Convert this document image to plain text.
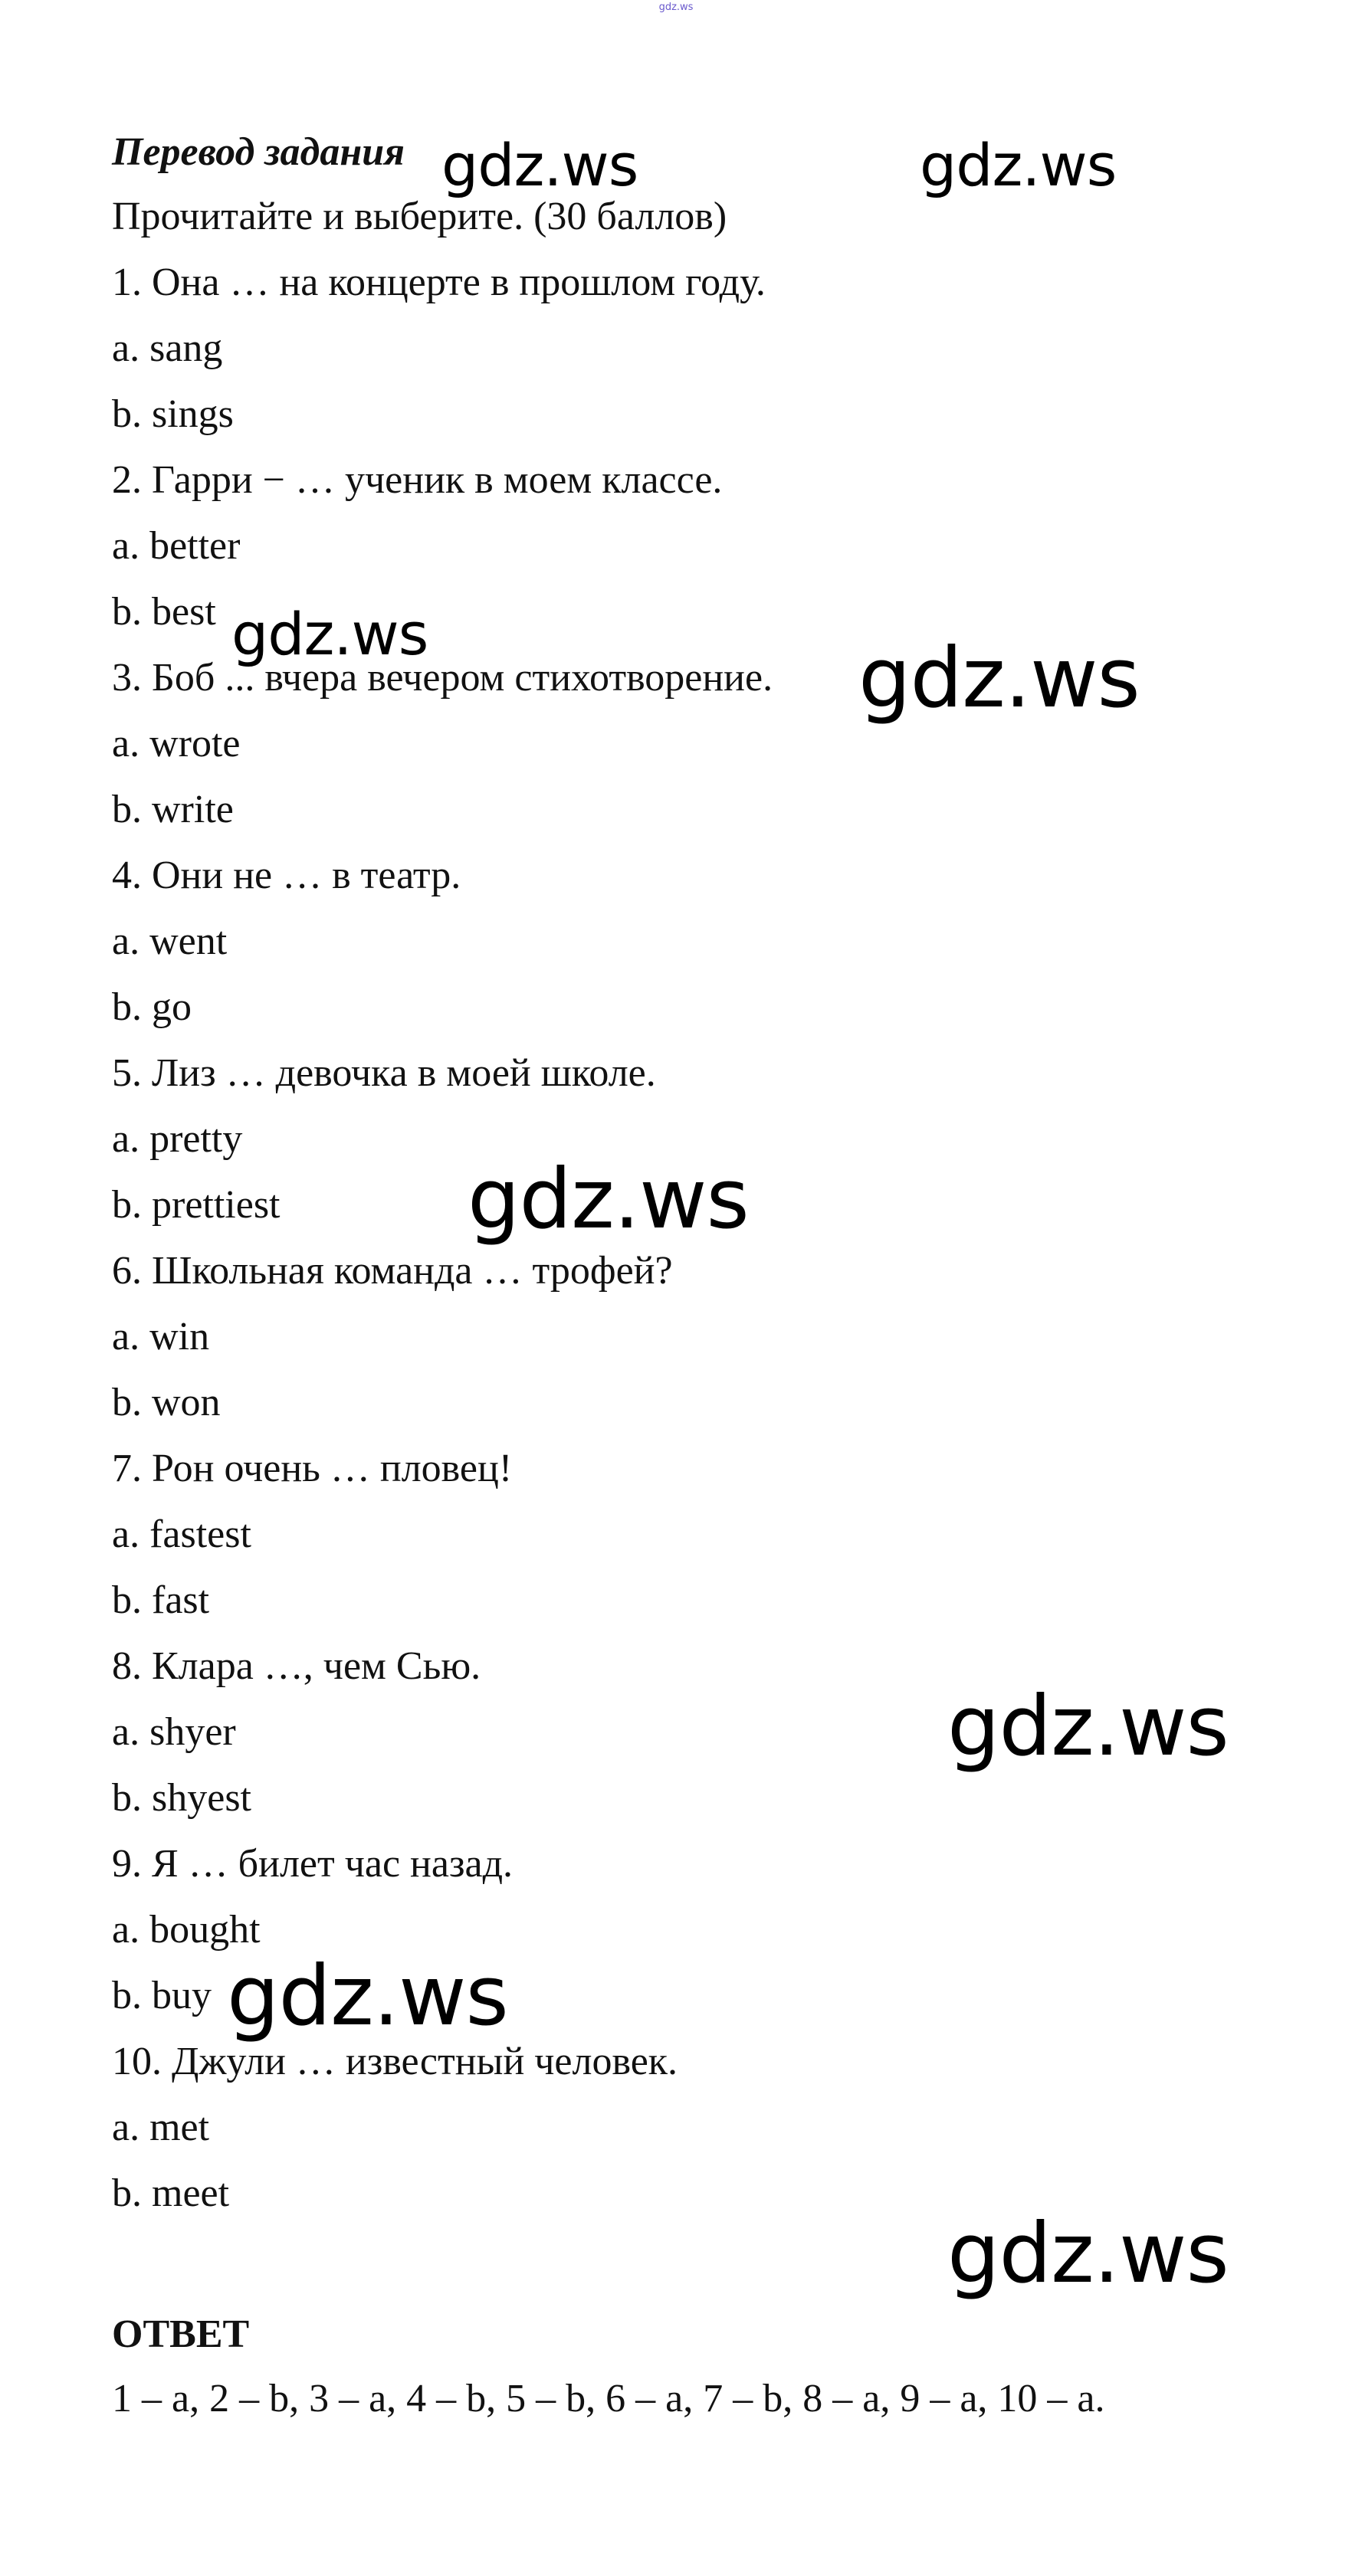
gdz.ws
Перевод задания
Прочитайте и выберите. (30 баллов)
1. Она … на концерте в прошлом году.
a. sang
b. sings
2. Гарри − … ученик в моем классе.
a. better
b. best
3. Боб ... вчера вечером стихотворение.
a. wrote
b. write
4. Они не … в театр.
a. went
b. go
5. Лиз … девочка в моей школе.
a. pretty
b. prettiest
6. Школьная команда … трофей?
a. win
b. won
7. Рон очень … пловец!
a. fastest
b. fast
8. Клара …, чем Сью.
a. shyer
b. shyest
9. Я … билет час назад.
a. bought
b. buy
10. Джули … известный человек.
a. met
b. meet
ОТВЕТ
1 – a, 2 – b, 3 – a, 4 – b, 5 – b, 6 – a, 7 – b, 8 – a, 9 – a, 10 – a.
gdz.ws	gdz.ws
gdz.ws	gdz.ws
gdz.ws
gdz.ws
gdz.ws
gdz.ws
